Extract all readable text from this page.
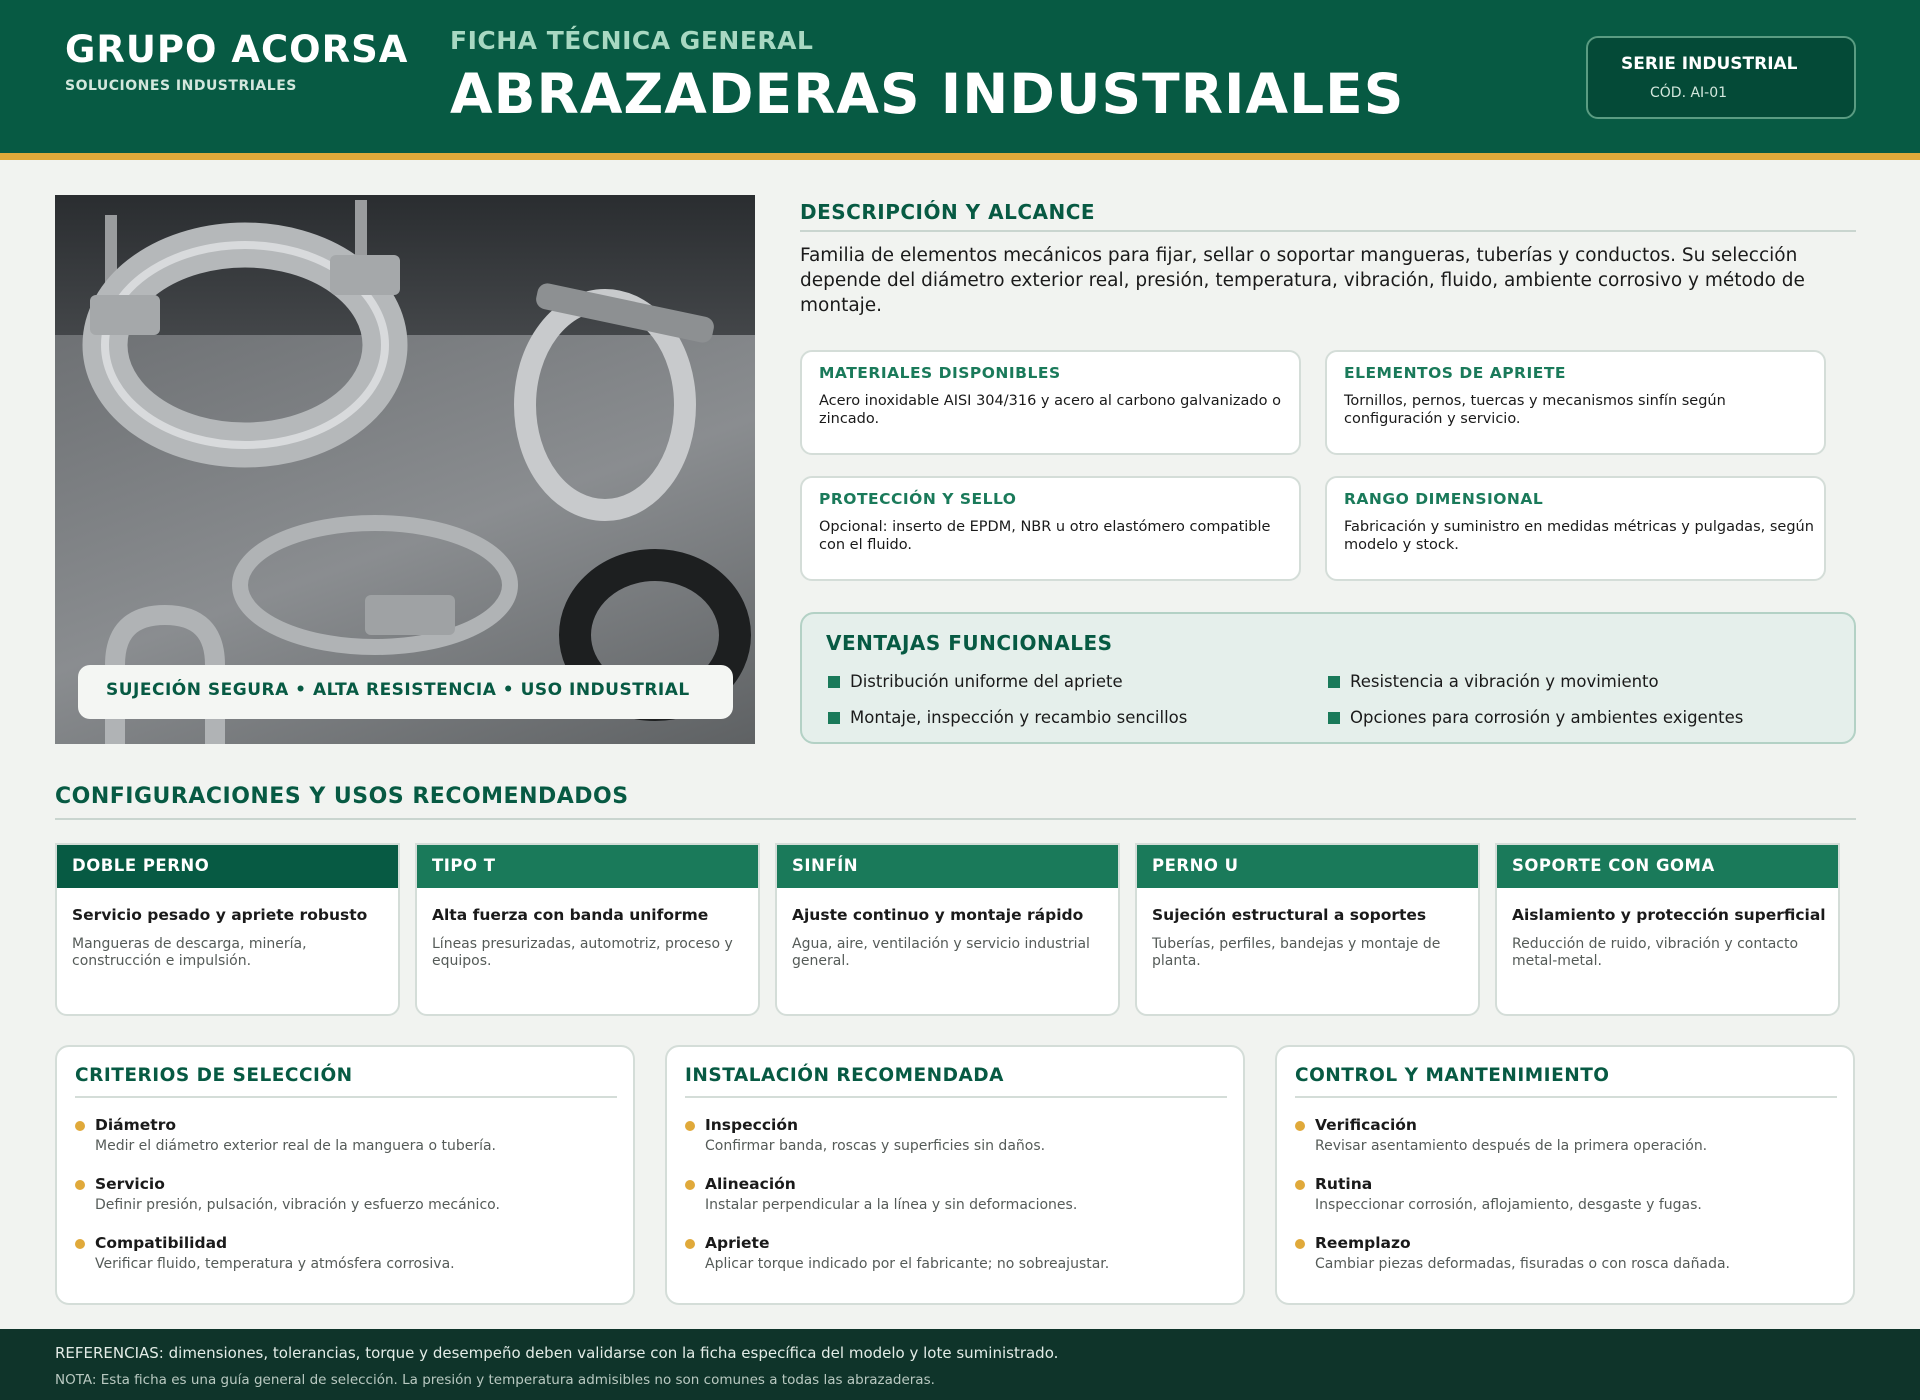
GRUPO ACORSA
SOLUCIONES INDUSTRIALES
FICHA TÉCNICA GENERAL
ABRAZADERAS INDUSTRIALES	SERIE INDUSTRIAL
CÓD. AI-01
SUJECIÓN SEGURA • ALTA RESISTENCIA • USO INDUSTRIAL
DESCRIPCIÓN Y ALCANCE
Familia de elementos mecánicos para fijar, sellar o soportar mangueras, tuberías y conductos. Su selección depende del diámetro exterior real, presión, temperatura, vibración, fluido, ambiente corrosivo y método de montaje.
MATERIALES DISPONIBLES
Acero inoxidable AISI 304/316 y acero al carbono galvanizado o zincado.
ELEMENTOS DE APRIETE
Tornillos, pernos, tuercas y mecanismos sinfín según configuración y servicio.
PROTECCIÓN Y SELLO
Opcional: inserto de EPDM, NBR u otro elastómero compatible con el fluido.
RANGO DIMENSIONAL
Fabricación y suministro en medidas métricas y pulgadas, según modelo y stock.
VENTAJAS FUNCIONALES
Distribución uniforme del apriete	Resistencia a vibración y movimiento
Montaje, inspección y recambio sencillos	Opciones para corrosión y ambientes exigentes
CONFIGURACIONES Y USOS RECOMENDADOS
DOBLE PERNO
Servicio pesado y apriete robusto
Mangueras de descarga, minería, construcción e impulsión.
TIPO T
Alta fuerza con banda uniforme
Líneas presurizadas, automotriz, proceso y equipos.
SINFÍN
Ajuste continuo y montaje rápido
Agua, aire, ventilación y servicio industrial general.
PERNO U
Sujeción estructural a soportes
Tuberías, perfiles, bandejas y montaje de planta.
SOPORTE CON GOMA
Aislamiento y protección superficial
Reducción de ruido, vibración y contacto metal-metal.
CRITERIOS DE SELECCIÓN
Diámetro
Medir el diámetro exterior real de la manguera o tubería.
Servicio
Definir presión, pulsación, vibración y esfuerzo mecánico.
Compatibilidad
Verificar fluido, temperatura y atmósfera corrosiva.
INSTALACIÓN RECOMENDADA
Inspección
Confirmar banda, roscas y superficies sin daños.
Alineación
Instalar perpendicular a la línea y sin deformaciones.
Apriete
Aplicar torque indicado por el fabricante; no sobreajustar.
CONTROL Y MANTENIMIENTO
Verificación
Revisar asentamiento después de la primera operación.
Rutina
Inspeccionar corrosión, aflojamiento, desgaste y fugas.
Reemplazo
Cambiar piezas deformadas, fisuradas o con rosca dañada.
REFERENCIAS: dimensiones, tolerancias, torque y desempeño deben validarse con la ficha específica del modelo y lote suministrado.
NOTA: Esta ficha es una guía general de selección. La presión y temperatura admisibles no son comunes a todas las abrazaderas.
